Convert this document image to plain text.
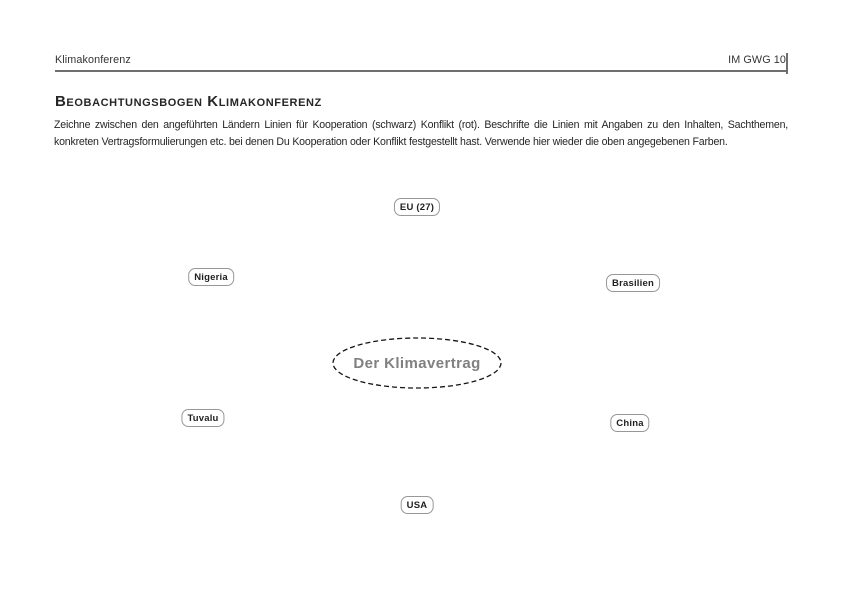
Klimakonferenz	IM GWG 10
Beobachtungsbogen Klimakonferenz
Zeichne zwischen den angeführten Ländern Linien für Kooperation (schwarz) Konflikt (rot). Beschrifte die Linien mit Angaben zu den Inhalten, Sachthemen,
konkreten Vertragsformulierungen etc. bei denen Du Kooperation oder Konflikt festgestellt hast. Verwende hier wieder die oben angegebenen Farben.
EU (27)
Nigeria
Brasilien
Tuvalu	China
USA
Der Klimavertrag
